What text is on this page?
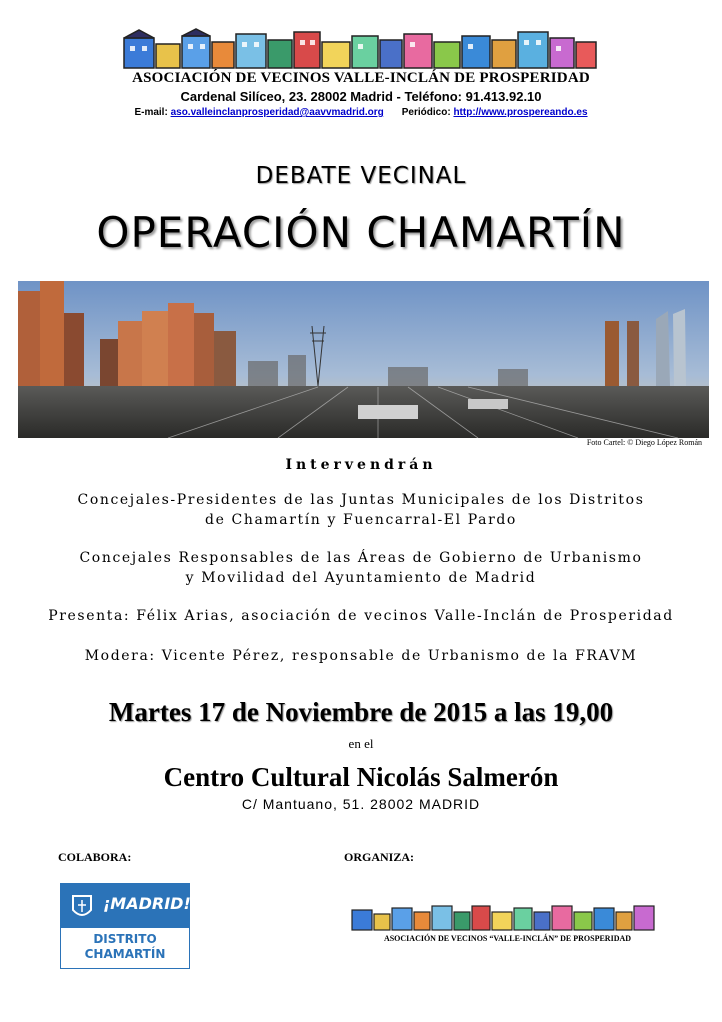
ASOCIACIÓN DE VECINOS VALLE-INCLÁN DE PROSPERIDAD
Cardenal Silíceo, 23. 28002 Madrid - Teléfono: 91.413.92.10
E-mail: aso.valleinclanprosperidad@aavvmadrid.org Periódico: http://www.prospereando.es
DEBATE VECINAL
OPERACIÓN CHAMARTÍN
Foto Cartel: © Diego López Román
Intervendrán
Concejales-Presidentes de las Juntas Municipales de los Distritos
de Chamartín y Fuencarral-El Pardo
Concejales Responsables de las Áreas de Gobierno de Urbanismo
y Movilidad del Ayuntamiento de Madrid
Presenta: Félix Arias, asociación de vecinos Valle-Inclán de Prosperidad
Modera: Vicente Pérez, responsable de Urbanismo de la FRAVM
Martes 17 de Noviembre de 2015 a las 19,00
en el
Centro Cultural Nicolás Salmerón
C/ Mantuano, 51. 28002 MADRID
COLABORA:	ORGANIZA:
¡MADRID!
DISTRITO
CHAMARTÍN
ASOCIACIÓN DE VECINOS “VALLE-INCLÁN” DE PROSPERIDAD
